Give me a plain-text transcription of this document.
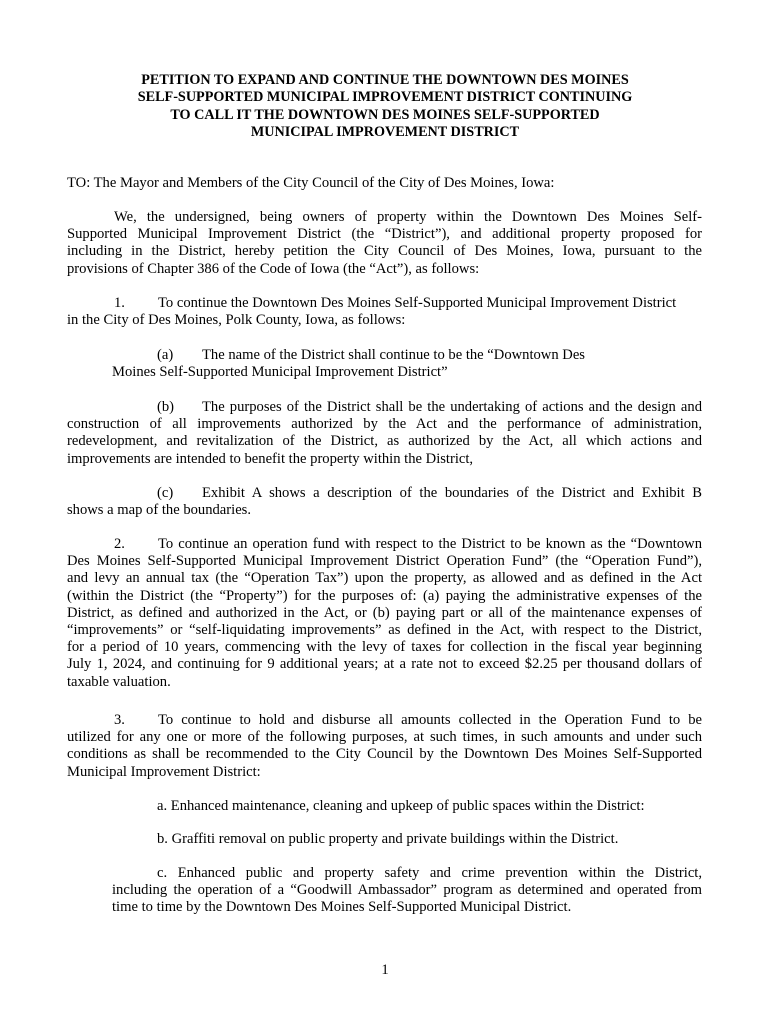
PETITION TO EXPAND AND CONTINUE THE DOWNTOWN DES MOINES
SELF-SUPPORTED MUNICIPAL IMPROVEMENT DISTRICT CONTINUING
TO CALL IT THE DOWNTOWN DES MOINES SELF-SUPPORTED
MUNICIPAL IMPROVEMENT DISTRICT
TO: The Mayor and Members of the City Council of the City of Des Moines, Iowa:
We, the undersigned, being owners of property within the Downtown Des Moines Self-
Supported Municipal Improvement District (the “District”), and additional property proposed for
including in the District, hereby petition the City Council of Des Moines, Iowa, pursuant to the
provisions of Chapter 386 of the Code of Iowa (the “Act”), as follows:
1. To continue the Downtown Des Moines Self-Supported Municipal Improvement District
in the City of Des Moines, Polk County, Iowa, as follows:
(a) The name of the District shall continue to be the “Downtown Des
Moines Self-Supported Municipal Improvement District”
(b) The purposes of the District shall be the undertaking of actions and the design and
construction of all improvements authorized by the Act and the performance of administration,
redevelopment, and revitalization of the District, as authorized by the Act, all which actions and
improvements are intended to benefit the property within the District,
(c) Exhibit A shows a description of the boundaries of the District and Exhibit B
shows a map of the boundaries.
2. To continue an operation fund with respect to the District to be known as the “Downtown
Des Moines Self-Supported Municipal Improvement District Operation Fund” (the “Operation Fund”),
and levy an annual tax (the “Operation Tax”) upon the property, as allowed and as defined in the Act
(within the District (the “Property”) for the purposes of: (a) paying the administrative expenses of the
District, as defined and authorized in the Act, or (b) paying part or all of the maintenance expenses of
“improvements” or “self-liquidating improvements” as defined in the Act, with respect to the District,
for a period of 10 years, commencing with the levy of taxes for collection in the fiscal year beginning
July 1, 2024, and continuing for 9 additional years; at a rate not to exceed $2.25 per thousand dollars of
taxable valuation.
3. To continue to hold and disburse all amounts collected in the Operation Fund to be
utilized for any one or more of the following purposes, at such times, in such amounts and under such
conditions as shall be recommended to the City Council by the Downtown Des Moines Self-Supported
Municipal Improvement District:
a. Enhanced maintenance, cleaning and upkeep of public spaces within the District:
b. Graffiti removal on public property and private buildings within the District.
c. Enhanced public and property safety and crime prevention within the District,
including the operation of a “Goodwill Ambassador” program as determined and operated from
time to time by the Downtown Des Moines Self-Supported Municipal District.
1
